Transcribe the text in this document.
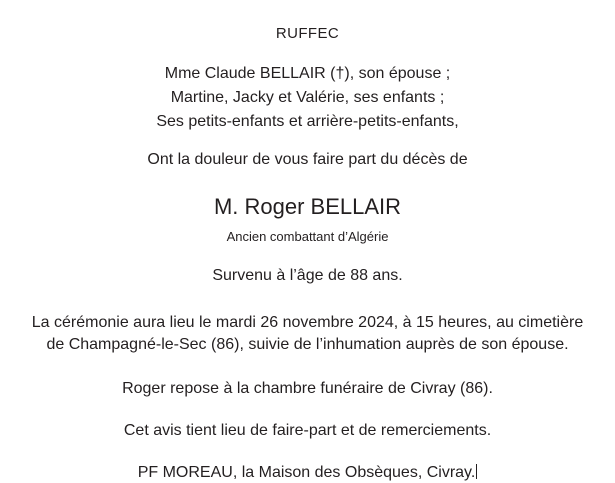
RUFFEC
Mme Claude BELLAIR (†), son épouse ;
Martine, Jacky et Valérie, ses enfants ;
Ses petits-enfants et arrière-petits-enfants,
Ont la douleur de vous faire part du décès de
M. Roger BELLAIR
Ancien combattant d’Algérie
Survenu à l’âge de 88 ans.
La cérémonie aura lieu le mardi 26 novembre 2024, à 15 heures, au cimetière
de Champagné-le-Sec (86), suivie de l’inhumation auprès de son épouse.
Roger repose à la chambre funéraire de Civray (86).
Cet avis tient lieu de faire-part et de remerciements.
PF MOREAU, la Maison des Obsèques, Civray.
